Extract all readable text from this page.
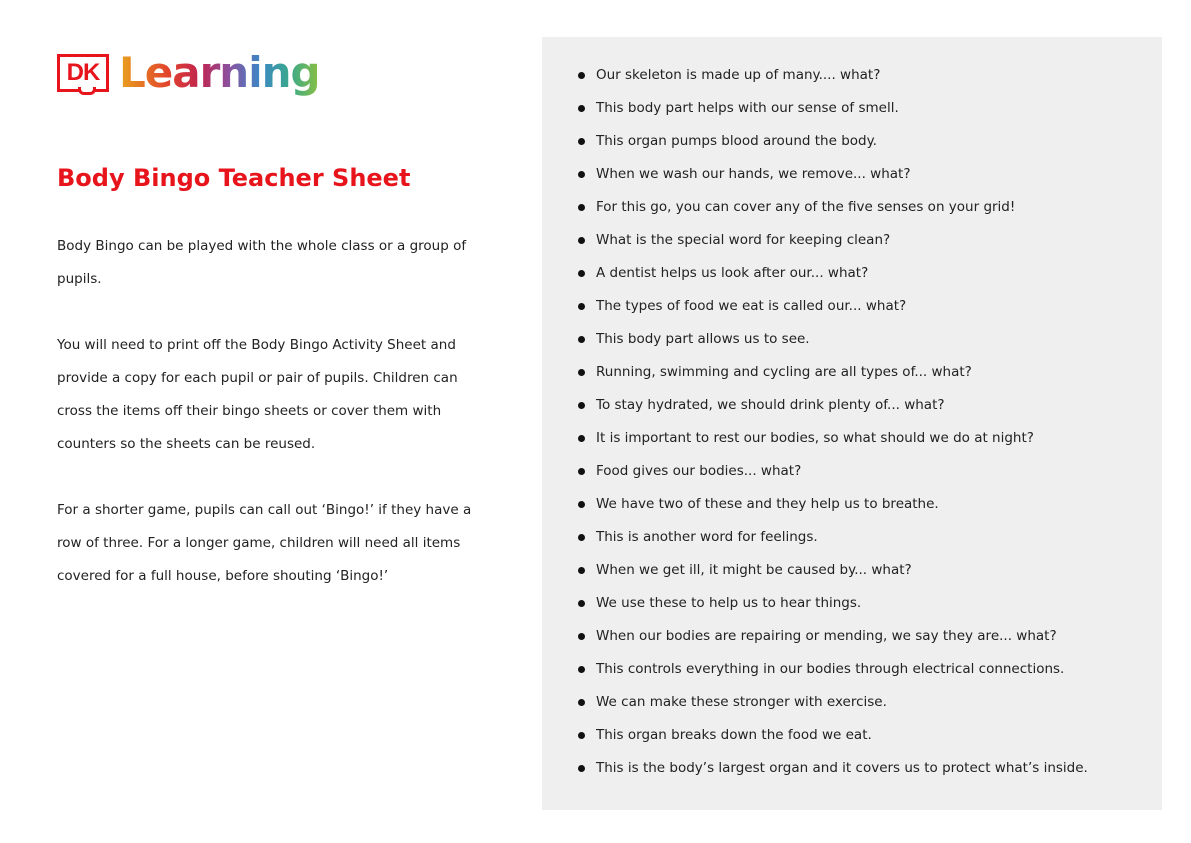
DK Learning
Body Bingo Teacher Sheet

Body Bingo can be played with the whole class or a group of pupils.

You will need to print off the Body Bingo Activity Sheet and provide a copy for each pupil or pair of pupils. Children can cross the items off their bingo sheets or cover them with counters so the sheets can be reused.

For a shorter game, pupils can call out ‘Bingo!’ if they have a row of three. For a longer game, children will need all items covered for a full house, before shouting ‘Bingo!’

Our skeleton is made up of many.... what?
This body part helps with our sense of smell.
This organ pumps blood around the body.
When we wash our hands, we remove... what?
For this go, you can cover any of the five senses on your grid!
What is the special word for keeping clean?
A dentist helps us look after our... what?
The types of food we eat is called our... what?
This body part allows us to see.
Running, swimming and cycling are all types of... what?
To stay hydrated, we should drink plenty of... what?
It is important to rest our bodies, so what should we do at night?
Food gives our bodies... what?
We have two of these and they help us to breathe.
This is another word for feelings.
When we get ill, it might be caused by... what?
We use these to help us to hear things.
When our bodies are repairing or mending, we say they are... what?
This controls everything in our bodies through electrical connections.
We can make these stronger with exercise.
This organ breaks down the food we eat.
This is the body’s largest organ and it covers us to protect what’s inside.
